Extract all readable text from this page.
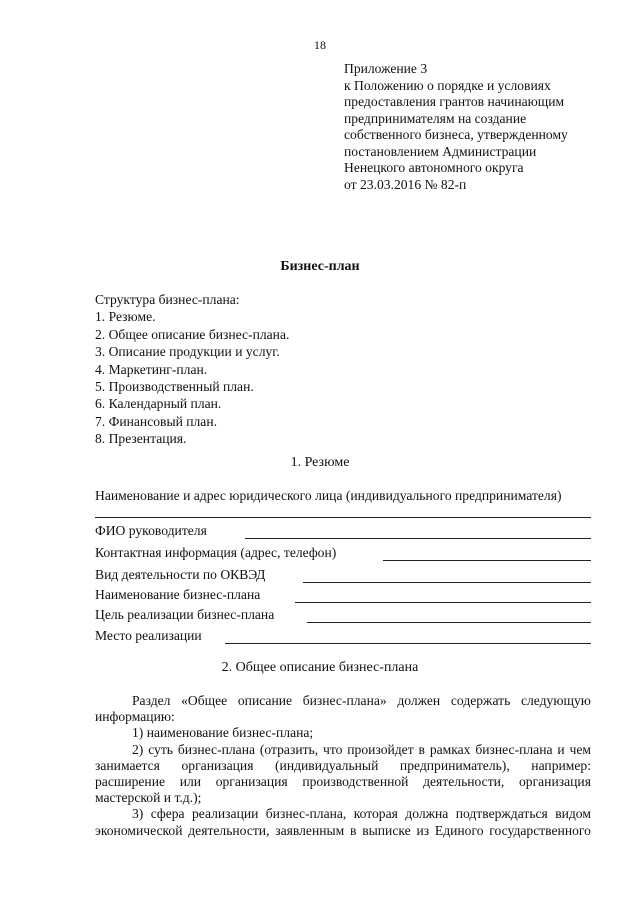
18
Приложение 3
к Положению о порядке и условиях
предоставления грантов начинающим
предпринимателям на создание
собственного бизнеса, утвержденному
постановлением Администрации
Ненецкого автономного округа
от 23.03.2016 № 82-п
Бизнес-план
Структура бизнес-плана:
1. Резюме.
2. Общее описание бизнес-плана.
3. Описание продукции и услуг.
4. Маркетинг-план.
5. Производственный план.
6. Календарный план.
7. Финансовый план.
8. Презентация.
1. Резюме
Наименование и адрес юридического лица (индивидуального предпринимателя)
ФИО руководителя
Контактная информация (адрес, телефон)
Вид деятельности по ОКВЭД
Наименование бизнес-плана
Цель реализации бизнес-плана
Место реализации
2. Общее описание бизнес-плана
Раздел «Общее описание бизнес-плана» должен содержать следующую
информацию:
1) наименование бизнес-плана;
2) суть бизнес-плана (отразить, что произойдет в рамках бизнес-плана и чем
занимается организация (индивидуальный предприниматель), например:
расширение или организация производственной деятельности, организация
мастерской и т.д.);
3) сфера реализации бизнес-плана, которая должна подтверждаться видом
экономической деятельности, заявленным в выписке из Единого государственного
